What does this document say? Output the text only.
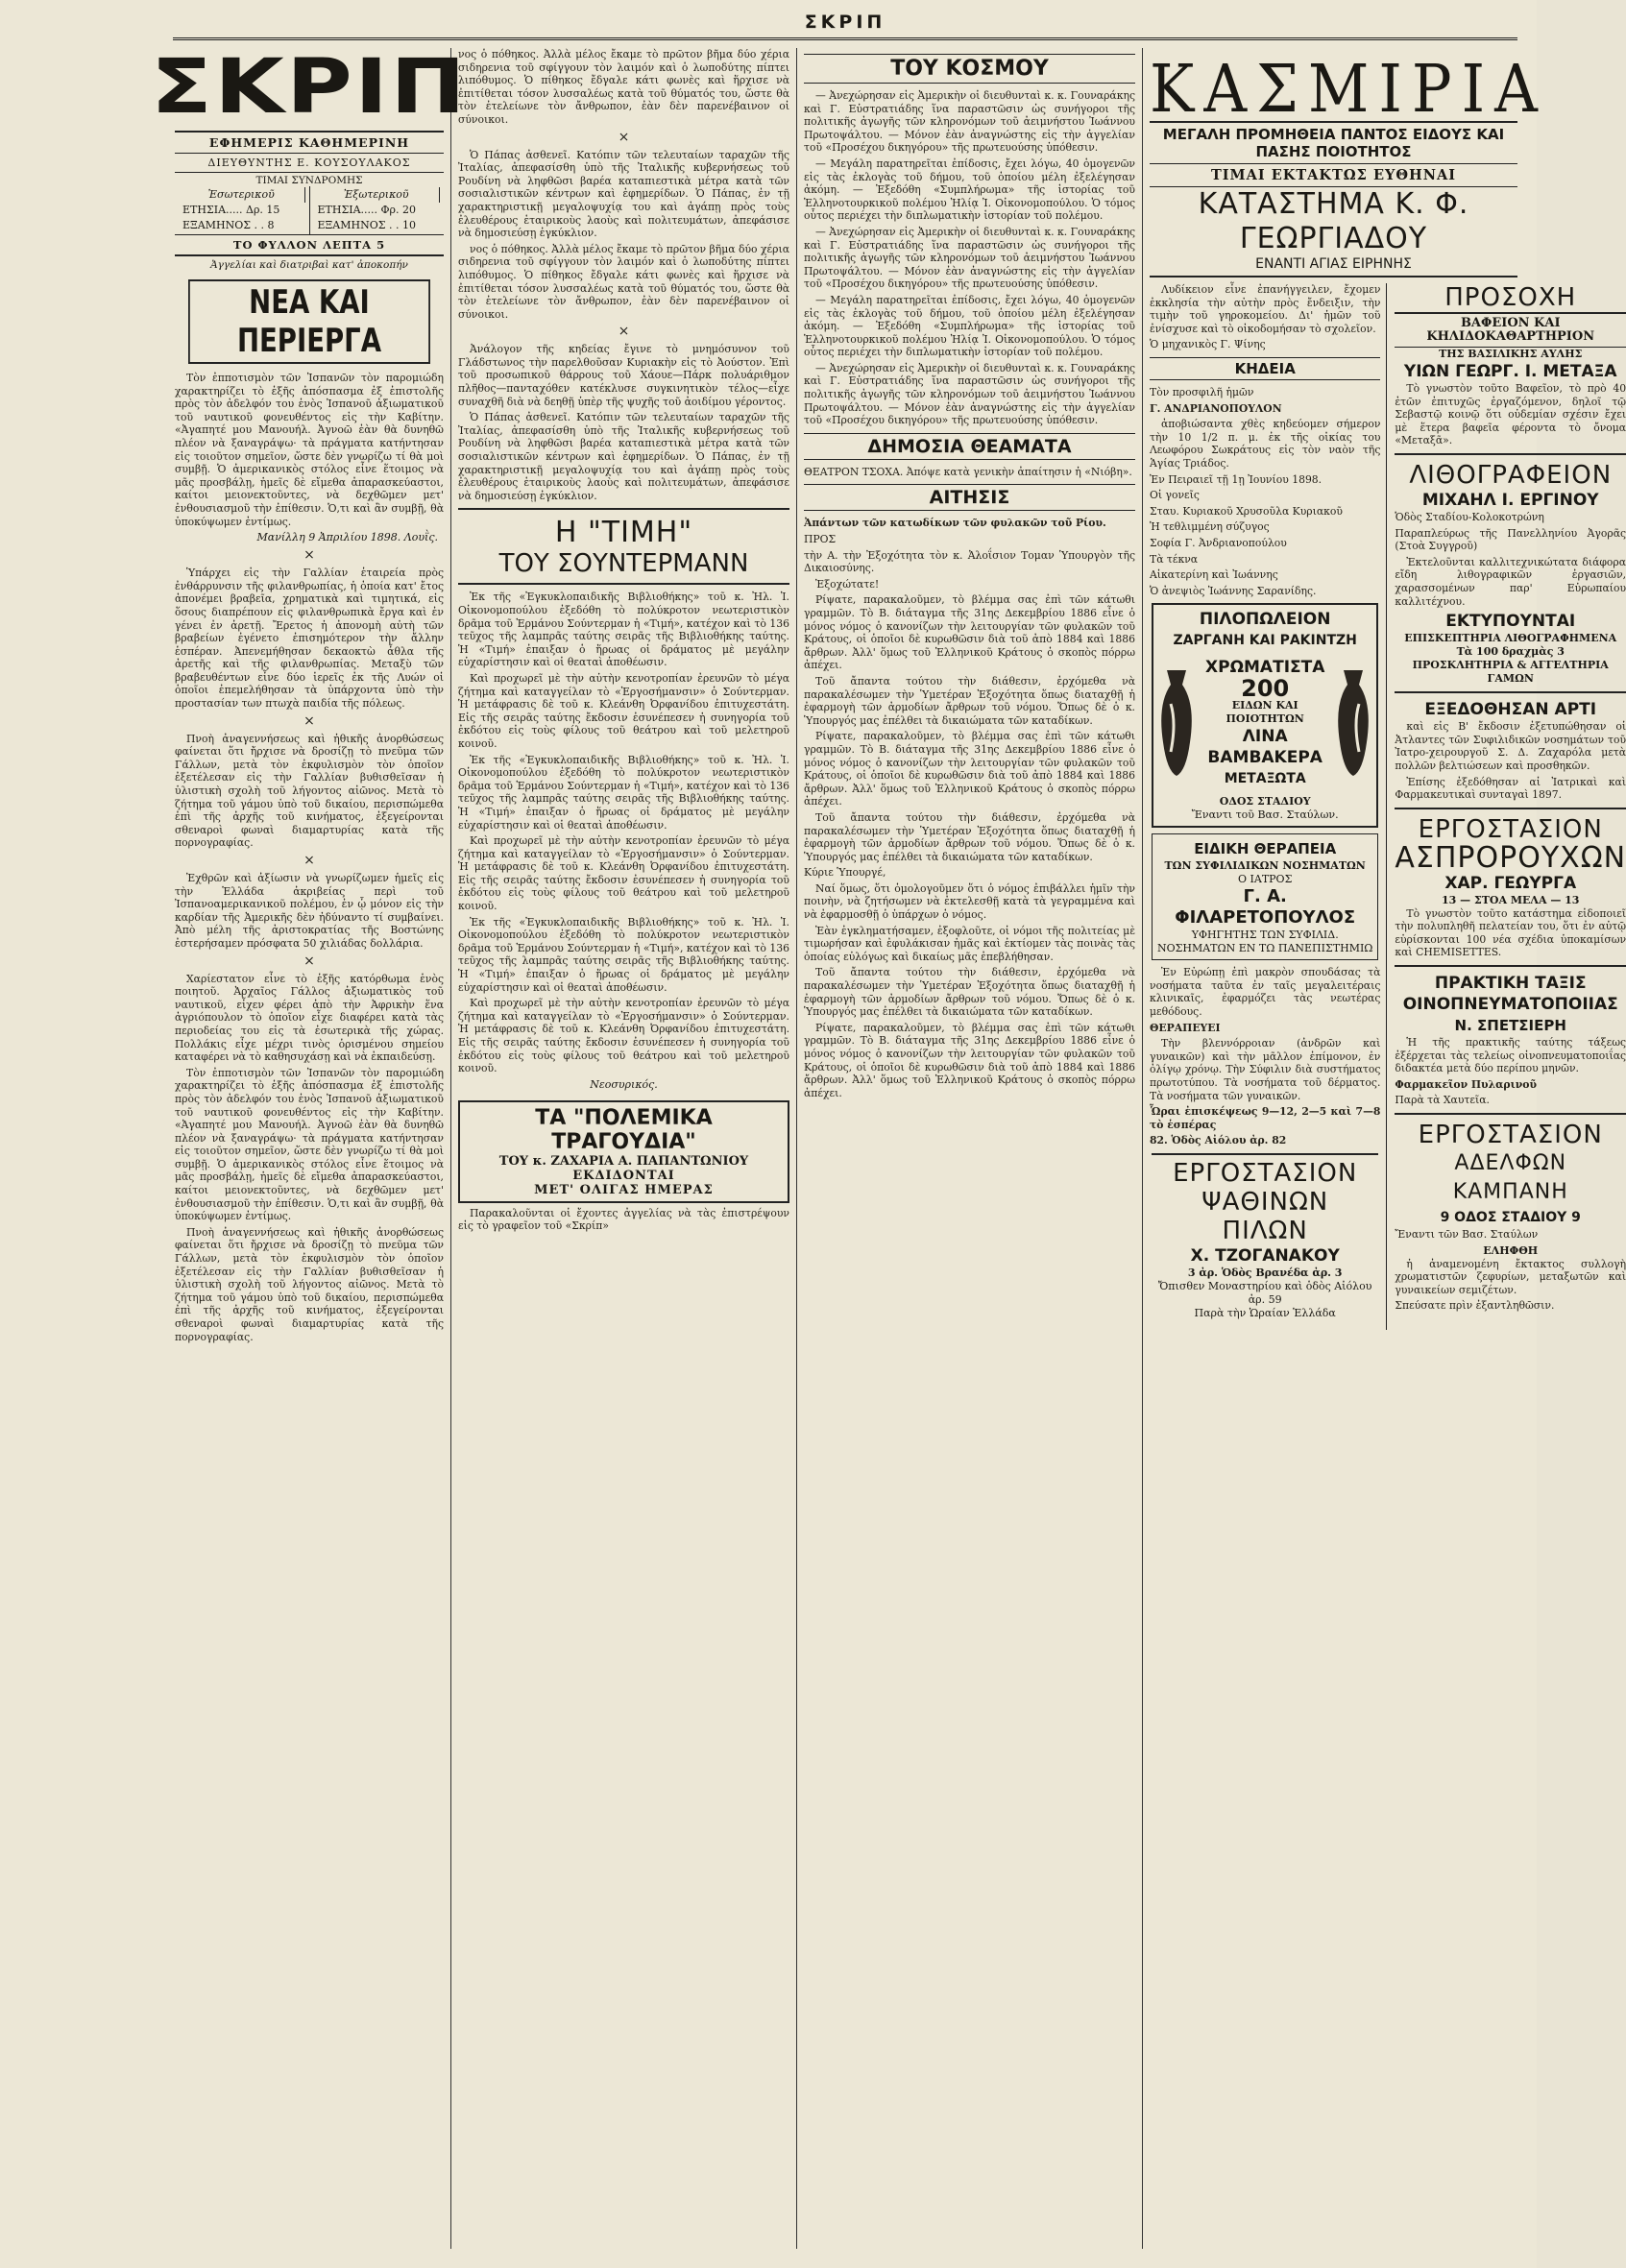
ΣΚΡΙΠ
ΣΚΡΙΠ
ΕΦΗΜΕΡΙΣ ΚΑΘΗΜΕΡΙΝΗ
ΔΙΕΥΘΥΝΤΗΣ Ε. ΚΟΥΣΟΥΛΑΚΟΣ
ΤΙΜΑΙ ΣΥΝΔΡΟΜΗΣ
Ἐσωτερικοῦ
ΕΤΗΣΙΑ..... Δρ. 15
ΕΞΑΜΗΝΟΣ . . 8
Ἐξωτερικοῦ
ΕΤΗΣΙΑ..... Φρ. 20
ΕΞΑΜΗΝΟΣ . . 10
ΤΟ ΦΥΛΛΟΝ ΛΕΠΤΑ 5
Ἀγγελίαι καὶ διατριβαὶ κατ' ἀποκοπήν
ΝΕΑ ΚΑΙ ΠΕΡΙΕΡΓΑ

Τὸν ἐπποτισμὸν τῶν Ἰσπανῶν τὸν παρομιώδη χαρακτηρίζει τὸ ἑξῆς ἀπόσπασμα ἐξ ἐπιστολῆς πρὸς τὸν ἀδελφόν του ἑνὸς Ἰσπανοῦ ἀξιωματικοῦ τοῦ ναυτικοῦ φονευθέντος εἰς τὴν Καβίτην. «Ἀγαπητέ μου Μανουήλ. Ἀγνοῶ ἐὰν θὰ δυνηθῶ πλέον νὰ ξαναγράψω· τὰ πράγματα κατήντησαν εἰς τοιοῦτον σημεῖον, ὥστε δὲν γνωρίζω τί θὰ μοὶ συμβῇ. Ὁ ἀμερικανικὸς στόλος εἶνε ἕτοιμος νὰ μᾶς προσβάλῃ, ἡμεῖς δὲ εἴμεθα ἀπαρασκεύαστοι, καίτοι μειονεκτοῦντες, νὰ δεχθῶμεν μετ' ἐνθουσιασμοῦ τὴν ἐπίθεσιν. Ὁ,τι καὶ ἂν συμβῇ, θὰ ὑποκύψωμεν ἐντίμως.

Μανίλλη 9 Ἀπριλίου 1898. Λουῒς.
×

Ὑπάρχει εἰς τὴν Γαλλίαν ἑταιρεία πρὸς ἐνθάρρυνσιν τῆς φιλανθρωπίας, ἡ ὁποία κατ' ἔτος ἀπονέμει βραβεῖα, χρηματικὰ καὶ τιμητικά, εἰς ὅσους διαπρέπουν εἰς φιλανθρωπικὰ ἔργα καὶ ἐν γένει ἐν ἀρετῇ. Ἔρετος ἡ ἀπονομὴ αὐτὴ τῶν βραβείων ἐγένετο ἐπισημότερον τὴν ἄλλην ἑσπέραν. Ἀπενεμήθησαν δεκαοκτὼ ἆθλα τῆς ἀρετῆς καὶ τῆς φιλανθρωπίας. Μεταξὺ τῶν βραβευθέντων εἶνε δύο ἱερεῖς ἐκ τῆς Λυών οἱ ὁποῖοι ἐπεμελήθησαν τὰ ὑπάρχοντα ὑπὸ τὴν προστασίαν των πτωχὰ παιδία τῆς πόλεως.

×

Πνοὴ ἀναγεννήσεως καὶ ἠθικῆς ἀνορθώσεως φαίνεται ὅτι ἤρχισε νὰ δροσίζῃ τὸ πνεῦμα τῶν Γάλλων, μετὰ τὸν ἐκφυλισμὸν τὸν ὁποῖον ἐξετέλεσαν εἰς τὴν Γαλλίαν βυθισθεῖσαν ἡ ὑλιστικὴ σχολὴ τοῦ λήγοντος αἰῶνος. Μετὰ τὸ ζήτημα τοῦ γάμου ὑπὸ τοῦ δικαίου, περισπώμεθα ἐπὶ τῆς ἀρχῆς τοῦ κινήματος, ἐξεγείρονται σθεναροὶ φωναὶ διαμαρτυρίας κατὰ τῆς πορνογραφίας.

×

Ἐχθρῶν καὶ ἀξίωσιν νὰ γνωρίζωμεν ἡμεῖς εἰς τὴν Ἑλλάδα ἀκριβείας περὶ τοῦ Ἰσπανοαμερικανικοῦ πολέμου, ἐν ᾧ μόνον εἰς τὴν καρδίαν τῆς Ἀμερικῆς δὲν ἠδύναντο τί συμβαίνει. Ἀπὸ μέλη τῆς ἀριστοκρατίας τῆς Βοστώνης ἐστερήσαμεν πρόσφατα 50 χιλιάδας δολλάρια.

×

Χαρίεστατον εἶνε τὸ ἑξῆς κατόρθωμα ἑνὸς ποιητοῦ. Ἀρχαῖος Γάλλος ἀξιωματικὸς τοῦ ναυτικοῦ, εἶχεν φέρει ἀπὸ τὴν Ἀφρικὴν ἕνα ἀγριόπουλον τὸ ὁποῖον εἶχε διαφέρει κατὰ τὰς περιοδείας του εἰς τὰ ἐσωτερικὰ τῆς χώρας. Πολλάκις εἶχε μέχρι τινὸς ὁρισμένου σημείου καταφέρει νὰ τὸ καθησυχάσῃ καὶ νὰ ἐκπαιδεύσῃ.

Τὸν ἐπποτισμὸν τῶν Ἰσπανῶν τὸν παρομιώδη χαρακτηρίζει τὸ ἑξῆς ἀπόσπασμα ἐξ ἐπιστολῆς πρὸς τὸν ἀδελφόν του ἑνὸς Ἰσπανοῦ ἀξιωματικοῦ τοῦ ναυτικοῦ φονευθέντος εἰς τὴν Καβίτην. «Ἀγαπητέ μου Μανουήλ. Ἀγνοῶ ἐὰν θὰ δυνηθῶ πλέον νὰ ξαναγράψω· τὰ πράγματα κατήντησαν εἰς τοιοῦτον σημεῖον, ὥστε δὲν γνωρίζω τί θὰ μοὶ συμβῇ. Ὁ ἀμερικανικὸς στόλος εἶνε ἕτοιμος νὰ μᾶς προσβάλῃ, ἡμεῖς δὲ εἴμεθα ἀπαρασκεύαστοι, καίτοι μειονεκτοῦντες, νὰ δεχθῶμεν μετ' ἐνθουσιασμοῦ τὴν ἐπίθεσιν. Ὁ,τι καὶ ἂν συμβῇ, θὰ ὑποκύψωμεν ἐντίμως.

Πνοὴ ἀναγεννήσεως καὶ ἠθικῆς ἀνορθώσεως φαίνεται ὅτι ἤρχισε νὰ δροσίζῃ τὸ πνεῦμα τῶν Γάλλων, μετὰ τὸν ἐκφυλισμὸν τὸν ὁποῖον ἐξετέλεσαν εἰς τὴν Γαλλίαν βυθισθεῖσαν ἡ ὑλιστικὴ σχολὴ τοῦ λήγοντος αἰῶνος. Μετὰ τὸ ζήτημα τοῦ γάμου ὑπὸ τοῦ δικαίου, περισπώμεθα ἐπὶ τῆς ἀρχῆς τοῦ κινήματος, ἐξεγείρονται σθεναροὶ φωναὶ διαμαρτυρίας κατὰ τῆς πορνογραφίας.

νος ὁ πόθηκος. Ἀλλὰ μέλος ἔκαμε τὸ πρῶτον βῆμα δύο χέρια σιδηρενια τοῦ σφίγγουν τὸν λαιμόν καὶ ὁ λωποδύτης πίπτει λιπόθυμος. Ὁ πίθηκος ἔδγαλε κάτι φωνὲς καὶ ἥρχισε νὰ ἐπιτίθεται τόσον λυσσαλέως κατὰ τοῦ θύματός του, ὥστε θὰ τὸν ἐτελείωνε τὸν ἄνθρωπον, ἐὰν δὲν παρενέβαινον οἱ σύνοικοι.

×

Ὁ Πάπας ἀσθενεῖ. Κατόπιν τῶν τελευταίων ταραχῶν τῆς Ἰταλίας, ἀπεφασίσθη ὑπὸ τῆς Ἰταλικῆς κυβερνήσεως τοῦ Ρουδίνη νὰ ληφθῶσι βαρέα καταπιεστικὰ μέτρα κατὰ τῶν σοσιαλιστικῶν κέντρων καὶ ἐφημερίδων. Ὁ Πάπας, ἐν τῇ χαρακτηριστικῇ μεγαλοψυχίᾳ του καὶ ἀγάπῃ πρὸς τοὺς ἐλευθέρους ἑταιρικοὺς λαοὺς καὶ πολιτευμάτων, ἀπεφάσισε νὰ δημοσιεύσῃ ἐγκύκλιον.

νος ὁ πόθηκος. Ἀλλὰ μέλος ἔκαμε τὸ πρῶτον βῆμα δύο χέρια σιδηρενια τοῦ σφίγγουν τὸν λαιμόν καὶ ὁ λωποδύτης πίπτει λιπόθυμος. Ὁ πίθηκος ἔδγαλε κάτι φωνὲς καὶ ἥρχισε νὰ ἐπιτίθεται τόσον λυσσαλέως κατὰ τοῦ θύματός του, ὥστε θὰ τὸν ἐτελείωνε τὸν ἄνθρωπον, ἐὰν δὲν παρενέβαινον οἱ σύνοικοι.

×

Ἀνάλογον τῆς κηδείας ἔγινε τὸ μνημόσυνον τοῦ Γλάδστωνος τὴν παρελθοῦσαν Κυριακὴν εἰς τὸ Ἀούστον. Ἐπὶ τοῦ προσωπικοῦ θάρρους τοῦ Χάουε—Πάρκ πολυάριθμον πλῆθος—πανταχόθεν κατέκλυσε συγκινητικὸν τέλος—εἶχε συναχθῆ διὰ νὰ δεηθῇ ὑπὲρ τῆς ψυχῆς τοῦ ἀοιδίμου γέροντος.

Ὁ Πάπας ἀσθενεῖ. Κατόπιν τῶν τελευταίων ταραχῶν τῆς Ἰταλίας, ἀπεφασίσθη ὑπὸ τῆς Ἰταλικῆς κυβερνήσεως τοῦ Ρουδίνη νὰ ληφθῶσι βαρέα καταπιεστικὰ μέτρα κατὰ τῶν σοσιαλιστικῶν κέντρων καὶ ἐφημερίδων. Ὁ Πάπας, ἐν τῇ χαρακτηριστικῇ μεγαλοψυχίᾳ του καὶ ἀγάπῃ πρὸς τοὺς ἐλευθέρους ἑταιρικοὺς λαοὺς καὶ πολιτευμάτων, ἀπεφάσισε νὰ δημοσιεύσῃ ἐγκύκλιον.

Η "ΤΙΜΗ"
ΤΟΥ ΣΟΥΝΤΕΡΜΑΝΝ

Ἐκ τῆς «Ἐγκυκλοπαιδικῆς Βιβλιοθήκης» τοῦ κ. Ἠλ. Ἰ. Οἰκονομοπούλου ἐξεδόθη τὸ πολύκροτον νεωτεριστικὸν δρᾶμα τοῦ Ἑρμάνου Σούντερμαν ἡ «Τιμή», κατέχον καὶ τὸ 136 τεῦχος τῆς λαμπρᾶς ταύτης σειρᾶς τῆς Βιβλιοθήκης ταύτης. Ἡ «Τιμή» ἐπαιξαν ὁ ἥρωας οἱ δράματος μὲ μεγάλην εὐχαρίστησιν καὶ οἱ θεαταὶ ἀποθέωσιν.

Καὶ προχωρεῖ μὲ τὴν αὐτὴν κενοτροπίαν ἐρευνῶν τὸ μέγα ζήτημα καὶ καταγγείλαν τὸ «Ἐργοσήμανσιν» ὁ Σούντερμαν. Ἡ μετάφρασις δὲ τοῦ κ. Κλεάνθη Ὀρφανίδου ἐπιτυχεστάτη. Εἰς τῆς σειρᾶς ταύτης ἔκδοσιν ἐσυνέπεσεν ἡ συνηγορία τοῦ ἐκδότου εἰς τοὺς φίλους τοῦ θεάτρου καὶ τοῦ μελετηροῦ κοινοῦ.

Ἐκ τῆς «Ἐγκυκλοπαιδικῆς Βιβλιοθήκης» τοῦ κ. Ἠλ. Ἰ. Οἰκονομοπούλου ἐξεδόθη τὸ πολύκροτον νεωτεριστικὸν δρᾶμα τοῦ Ἑρμάνου Σούντερμαν ἡ «Τιμή», κατέχον καὶ τὸ 136 τεῦχος τῆς λαμπρᾶς ταύτης σειρᾶς τῆς Βιβλιοθήκης ταύτης. Ἡ «Τιμή» ἐπαιξαν ὁ ἥρωας οἱ δράματος μὲ μεγάλην εὐχαρίστησιν καὶ οἱ θεαταὶ ἀποθέωσιν.

Καὶ προχωρεῖ μὲ τὴν αὐτὴν κενοτροπίαν ἐρευνῶν τὸ μέγα ζήτημα καὶ καταγγείλαν τὸ «Ἐργοσήμανσιν» ὁ Σούντερμαν. Ἡ μετάφρασις δὲ τοῦ κ. Κλεάνθη Ὀρφανίδου ἐπιτυχεστάτη. Εἰς τῆς σειρᾶς ταύτης ἔκδοσιν ἐσυνέπεσεν ἡ συνηγορία τοῦ ἐκδότου εἰς τοὺς φίλους τοῦ θεάτρου καὶ τοῦ μελετηροῦ κοινοῦ.

Ἐκ τῆς «Ἐγκυκλοπαιδικῆς Βιβλιοθήκης» τοῦ κ. Ἠλ. Ἰ. Οἰκονομοπούλου ἐξεδόθη τὸ πολύκροτον νεωτεριστικὸν δρᾶμα τοῦ Ἑρμάνου Σούντερμαν ἡ «Τιμή», κατέχον καὶ τὸ 136 τεῦχος τῆς λαμπρᾶς ταύτης σειρᾶς τῆς Βιβλιοθήκης ταύτης. Ἡ «Τιμή» ἐπαιξαν ὁ ἥρωας οἱ δράματος μὲ μεγάλην εὐχαρίστησιν καὶ οἱ θεαταὶ ἀποθέωσιν.

Καὶ προχωρεῖ μὲ τὴν αὐτὴν κενοτροπίαν ἐρευνῶν τὸ μέγα ζήτημα καὶ καταγγείλαν τὸ «Ἐργοσήμανσιν» ὁ Σούντερμαν. Ἡ μετάφρασις δὲ τοῦ κ. Κλεάνθη Ὀρφανίδου ἐπιτυχεστάτη. Εἰς τῆς σειρᾶς ταύτης ἔκδοσιν ἐσυνέπεσεν ἡ συνηγορία τοῦ ἐκδότου εἰς τοὺς φίλους τοῦ θεάτρου καὶ τοῦ μελετηροῦ κοινοῦ.

Νεοσυρικός.
ΤΑ "ΠΟΛΕΜΙΚΑ ΤΡΑΓΟΥΔΙΑ"
ΤΟΥ κ. ΖΑΧΑΡΙΑ Α. ΠΑΠΑΝΤΩΝΙΟΥ
ΕΚΔΙΔΟΝΤΑΙ
ΜΕΤ' ΟΛΙΓΑΣ ΗΜΕΡΑΣ

Παρακαλοῦνται οἱ ἔχοντες ἀγγελίας νὰ τὰς ἐπιστρέψουν εἰς τὸ γραφεῖον τοῦ «Σκρίπ»

ΤΟΥ ΚΟΣΜΟΥ

— Ἀνεχώρησαν εἰς Ἀμερικὴν οἱ διευθυνταὶ κ. κ. Γουναράκης καὶ Γ. Εὐστρατιάδης ἵνα παραστῶσιν ὡς συνήγοροι τῆς πολιτικῆς ἀγωγῆς τῶν κληρονόμων τοῦ ἀειμνήστου Ἰωάννου Πρωτοψάλτου. — Μόνον ἐὰν ἀναγνώστης εἰς τὴν ἀγγελίαν τοῦ «Προσέχου δικηγόρου» τῆς πρωτευούσης ὑπόθεσιν.

— Μεγάλη παρατηρεῖται ἐπίδοσις, ἔχει λόγω, 40 ὁμογενῶν εἰς τὰς ἐκλογὰς τοῦ δήμου, τοῦ ὁποίου μέλη ἐξελέγησαν ἀκόμη. — Ἐξεδόθη «Συμπλήρωμα» τῆς ἱστορίας τοῦ Ἑλληνοτουρκικοῦ πολέμου Ἠλίᾳ Ἰ. Οἰκονομοπούλου. Ὁ τόμος οὗτος περιέχει τὴν διπλωματικὴν ἱστορίαν τοῦ πολέμου.

— Ἀνεχώρησαν εἰς Ἀμερικὴν οἱ διευθυνταὶ κ. κ. Γουναράκης καὶ Γ. Εὐστρατιάδης ἵνα παραστῶσιν ὡς συνήγοροι τῆς πολιτικῆς ἀγωγῆς τῶν κληρονόμων τοῦ ἀειμνήστου Ἰωάννου Πρωτοψάλτου. — Μόνον ἐὰν ἀναγνώστης εἰς τὴν ἀγγελίαν τοῦ «Προσέχου δικηγόρου» τῆς πρωτευούσης ὑπόθεσιν.

— Μεγάλη παρατηρεῖται ἐπίδοσις, ἔχει λόγω, 40 ὁμογενῶν εἰς τὰς ἐκλογὰς τοῦ δήμου, τοῦ ὁποίου μέλη ἐξελέγησαν ἀκόμη. — Ἐξεδόθη «Συμπλήρωμα» τῆς ἱστορίας τοῦ Ἑλληνοτουρκικοῦ πολέμου Ἠλίᾳ Ἰ. Οἰκονομοπούλου. Ὁ τόμος οὗτος περιέχει τὴν διπλωματικὴν ἱστορίαν τοῦ πολέμου.

— Ἀνεχώρησαν εἰς Ἀμερικὴν οἱ διευθυνταὶ κ. κ. Γουναράκης καὶ Γ. Εὐστρατιάδης ἵνα παραστῶσιν ὡς συνήγοροι τῆς πολιτικῆς ἀγωγῆς τῶν κληρονόμων τοῦ ἀειμνήστου Ἰωάννου Πρωτοψάλτου. — Μόνον ἐὰν ἀναγνώστης εἰς τὴν ἀγγελίαν τοῦ «Προσέχου δικηγόρου» τῆς πρωτευούσης ὑπόθεσιν.

ΔΗΜΟΣΙΑ ΘΕΑΜΑΤΑ

ΘΕΑΤΡΟΝ ΤΣΟΧΑ. Ἀπόψε κατὰ γενικὴν ἀπαίτησιν ἡ «Νιόβη».

ΑΙΤΗΣΙΣ

Ἀπάντων τῶν κατωδίκων τῶν φυλακῶν τοῦ Ρίου.

ΠΡΟΣ

τὴν Α. τὴν Ἐξοχότητα τὸν κ. Ἀλοΐσιον Τομαν Ὑπουργὸν τῆς Δικαιοσύνης.

Ἐξοχώτατε!

Ρίψατε, παρακαλοῦμεν, τὸ βλέμμα σας ἐπὶ τῶν κάτωθι γραμμῶν. Τὸ Β. διάταγμα τῆς 31ης Δεκεμβρίου 1886 εἶνε ὁ μόνος νόμος ὁ κανονίζων τὴν λειτουργίαν τῶν φυλακῶν τοῦ Κράτους, οἱ ὁποῖοι δὲ κυρωθῶσιν διὰ τοῦ ἀπὸ 1884 καὶ 1886 ἄρθρων. Ἀλλ' ὅμως τοῦ Ἑλληνικοῦ Κράτους ὁ σκοπὸς πόρρω ἀπέχει.

Τοῦ ἄπαντα τούτου τὴν διάθεσιν, ἐρχόμεθα νὰ παρακαλέσωμεν τὴν Ὑμετέραν Ἐξοχότητα ὅπως διαταχθῇ ἡ ἐφαρμογὴ τῶν ἀρμοδίων ἄρθρων τοῦ νόμου. Ὅπως δὲ ὁ κ. Ὑπουργός μας ἐπέλθει τὰ δικαιώματα τῶν καταδίκων.

Ρίψατε, παρακαλοῦμεν, τὸ βλέμμα σας ἐπὶ τῶν κάτωθι γραμμῶν. Τὸ Β. διάταγμα τῆς 31ης Δεκεμβρίου 1886 εἶνε ὁ μόνος νόμος ὁ κανονίζων τὴν λειτουργίαν τῶν φυλακῶν τοῦ Κράτους, οἱ ὁποῖοι δὲ κυρωθῶσιν διὰ τοῦ ἀπὸ 1884 καὶ 1886 ἄρθρων. Ἀλλ' ὅμως τοῦ Ἑλληνικοῦ Κράτους ὁ σκοπὸς πόρρω ἀπέχει.

Τοῦ ἄπαντα τούτου τὴν διάθεσιν, ἐρχόμεθα νὰ παρακαλέσωμεν τὴν Ὑμετέραν Ἐξοχότητα ὅπως διαταχθῇ ἡ ἐφαρμογὴ τῶν ἀρμοδίων ἄρθρων τοῦ νόμου. Ὅπως δὲ ὁ κ. Ὑπουργός μας ἐπέλθει τὰ δικαιώματα τῶν καταδίκων.

Κύριε Ὑπουργέ,

Ναί ὅμως, ὅτι ὁμολογοῦμεν ὅτι ὁ νόμος ἐπιβάλλει ἡμῖν τὴν ποινὴν, νὰ ζητήσωμεν νὰ ἐκτελεσθῇ κατὰ τὰ γεγραμμένα καὶ νὰ ἐφαρμοσθῇ ὁ ὑπάρχων ὁ νόμος.

Ἐὰν ἐγκληματήσαμεν, ἐξοφλοῦτε, οἱ νόμοι τῆς πολιτείας μὲ τιμωρήσαν καὶ ἐφυλάκισαν ἡμᾶς καὶ ἐκτίομεν τὰς ποινὰς τὰς ὁποίας εὐλόγως καὶ δικαίως μᾶς ἐπεβλήθησαν.

Τοῦ ἄπαντα τούτου τὴν διάθεσιν, ἐρχόμεθα νὰ παρακαλέσωμεν τὴν Ὑμετέραν Ἐξοχότητα ὅπως διαταχθῇ ἡ ἐφαρμογὴ τῶν ἀρμοδίων ἄρθρων τοῦ νόμου. Ὅπως δὲ ὁ κ. Ὑπουργός μας ἐπέλθει τὰ δικαιώματα τῶν καταδίκων.

Ρίψατε, παρακαλοῦμεν, τὸ βλέμμα σας ἐπὶ τῶν κάτωθι γραμμῶν. Τὸ Β. διάταγμα τῆς 31ης Δεκεμβρίου 1886 εἶνε ὁ μόνος νόμος ὁ κανονίζων τὴν λειτουργίαν τῶν φυλακῶν τοῦ Κράτους, οἱ ὁποῖοι δὲ κυρωθῶσιν διὰ τοῦ ἀπὸ 1884 καὶ 1886 ἄρθρων. Ἀλλ' ὅμως τοῦ Ἑλληνικοῦ Κράτους ὁ σκοπὸς πόρρω ἀπέχει.

ΚΑΣΜΙΡΙΑ
ΜΕΓΑΛΗ ΠΡΟΜΗΘΕΙΑ ΠΑΝΤΟΣ ΕΙΔΟΥΣ ΚΑΙ ΠΑΣΗΣ ΠΟΙΟΤΗΤΟΣ
ΤΙΜΑΙ ΕΚΤΑΚΤΩΣ ΕΥΘΗΝΑΙ
ΚΑΤΑΣΤΗΜΑ Κ. Φ. ΓΕΩΡΓΙΑΔΟΥ
ΕΝΑΝΤΙ ΑΓΙΑΣ ΕΙΡΗΝΗΣ

Λυδίκειον εἶνε ἐπανήγγειλεν, ἔχομεν ἐκκλησία τὴν αὐτὴν πρὸς ἔνδειξιν, τὴν τιμὴν τοῦ γηροκομείου. Δι' ἡμῶν τοῦ ἐνίσχυσε καὶ τὸ οἰκοδομήσαν τὸ σχολεῖον.

Ὁ μηχανικὸς Γ. Ψίνης

ΚΗΔΕΙΑ

Τὸν προσφιλῆ ἡμῶν

Γ. ΑΝΔΡΙΑΝΟΠΟΥΛΟΝ

ἀποβιώσαντα χθὲς κηδεύομεν σήμερον τὴν 10 1/2 π. μ. ἐκ τῆς οἰκίας του Λεωφόρου Σωκράτους εἰς τὸν ναὸν τῆς Ἁγίας Τριάδος.

Ἐν Πειραιεῖ τῇ 1ῃ Ἰουνίου 1898.

Οἱ γονεῖς

Σταυ. Κυριακοῦ Χρυσοῦλα Κυριακοῦ

Ἡ τεθλιμμένη σύζυγος

Σοφία Γ. Ἀνδριανοπούλου

Τὰ τέκνα

Αἰκατερίνη καὶ Ἰωάννης

Ὁ ἀνεψιὸς Ἰωάννης Σαρανίδης.

ΠΙΛΟΠΩΛΕΙΟΝ
ΖΑΡΓΑΝΗ ΚΑΙ ΡΑΚΙΝΤΖΗ
ΧΡΩΜΑΤΙΣΤΑ
200
ΕΙΔΩΝ ΚΑΙ ΠΟΙΟΤΗΤΩΝ
ΛΙΝΑ
ΒΑΜΒΑΚΕΡΑ
ΜΕΤΑΞΩΤΑ
ΟΔΟΣ ΣΤΑΔΙΟΥ
Ἔναντι τοῦ Βασ. Σταύλων.
ΕΙΔΙΚΗ ΘΕΡΑΠΕΙΑ
ΤΩΝ ΣΥΦΙΛΙΔΙΚΩΝ ΝΟΣΗΜΑΤΩΝ
Ο ΙΑΤΡΟΣ
Γ. Α. ΦΙΛΑΡΕΤΟΠΟΥΛΟΣ
ΥΦΗΓΗΤΗΣ ΤΩΝ ΣΥΦΙΛΙΔ. ΝΟΣΗΜΑΤΩΝ ΕΝ ΤΩ ΠΑΝΕΠΙΣΤΗΜΙΩ

Ἐν Εὐρώπῃ ἐπὶ μακρὸν σπουδάσας τὰ νοσήματα ταῦτα ἐν ταῖς μεγαλειτέραις κλινικαῖς, ἐφαρμόζει τὰς νεωτέρας μεθόδους.

ΘΕΡΑΠΕΥΕΙ

Τὴν βλεννόρροιαν (ἀνδρῶν καὶ γυναικῶν) καὶ τὴν μᾶλλον ἐπίμονον, ἐν ὀλίγῳ χρόνῳ. Τὴν Σύφιλιν διὰ συστήματος πρωτοτύπου. Τὰ νοσήματα τοῦ δέρματος. Τὰ νοσήματα τῶν γυναικῶν.

Ὧραι ἐπισκέψεως 9—12, 2—5 καὶ 7—8 τὸ ἑσπέρας

82. Ὁδὸς Αἰόλου ἀρ. 82

ΕΡΓΟΣΤΑΣΙΟΝ
ΨΑΘΙΝΩΝ ΠΙΛΩΝ
Χ. ΤΖΟΓΑΝΑΚΟΥ
3 ἀρ. Ὁδὸς Βρανέδα ἀρ. 3
Ὄπισθεν Μοναστηρίου καὶ ὁδὸς Αἰόλου ἀρ. 59
Παρὰ τὴν Ὡραίαν Ἑλλάδα
ΠΡΟΣΟΧΗ
ΒΑΦΕΙΟΝ ΚΑΙ ΚΗΛΙΔΟΚΑΘΑΡΤΗΡΙΟΝ
ΤΗΣ ΒΑΣΙΛΙΚΗΣ ΑΥΛΗΣ
ΥΙΩΝ ΓΕΩΡΓ. Ι. ΜΕΤΑΞΑ

Τὸ γνωστὸν τοῦτο Βαφεῖον, τὸ πρὸ 40 ἐτῶν ἐπιτυχῶς ἐργαζόμενον, δηλοῖ τῷ Σεβαστῷ κοινῷ ὅτι οὐδεμίαν σχέσιν ἔχει μὲ ἕτερα βαφεῖα φέροντα τὸ ὄνομα «Μεταξᾶ».

ΛΙΘΟΓΡΑΦΕΙΟΝ
ΜΙΧΑΗΛ Ι. ΕΡΓΙΝΟΥ

Ὁδὸς Σταδίου-Κολοκοτρώνη

Παραπλεύρως τῆς Πανελληνίου Ἀγορᾶς (Στοὰ Συγγροῦ)

Ἐκτελοῦνται καλλιτεχνικώτατα διάφορα εἴδη λιθογραφικῶν ἐργασιῶν, χαρασσομένων παρ' Εὐρωπαίου καλλιτέχνου.

ΕΚΤΥΠΟΥΝΤΑΙ
ΕΠΙΣΚΕΠΤΗΡΙΑ ΛΙΘΟΓΡΑΦΗΜΕΝΑ
Τὰ 100 δραχμὰς 3
ΠΡΟΣΚΛΗΤΗΡΙΑ & ΑΓΓΕΛΤΗΡΙΑ
ΓΑΜΩΝ
ΕΞΕΔΟΘΗΣΑΝ ΑΡΤΙ

καὶ εἰς Β' ἔκδοσιν ἐξετυπώθησαν οἱ Ἀτλαντες τῶν Συφιλιδικῶν νοσημάτων τοῦ Ἰατρο-χειρουργοῦ Σ. Δ. Ζαχαρόλα μετὰ πολλῶν βελτιώσεων καὶ προσθηκῶν.

Ἐπίσης ἐξεδόθησαν αἱ Ἰατρικαὶ καὶ Φαρμακευτικαὶ συνταγαὶ 1897.

ΕΡΓΟΣΤΑΣΙΟΝ
ΑΣΠΡΟΡΟΥΧΩΝ
ΧΑΡ. ΓΕΩΥΡΓΑ
13 — ΣΤΟΑ ΜΕΛΑ — 13

Τὸ γνωστὸν τοῦτο κατάστημα εἰδοποιεῖ τὴν πολυπληθῆ πελατείαν του, ὅτι ἐν αὐτῷ εὑρίσκονται 100 νέα σχέδια ὑποκαμίσων καὶ CHEMISETTES.

ΠΡΑΚΤΙΚΗ ΤΑΞΙΣ
ΟΙΝΟΠΝΕΥΜΑΤΟΠΟΙΙΑΣ
Ν. ΣΠΕΤΣΙΕΡΗ

Ἡ τῆς πρακτικῆς ταύτης τάξεως ἐξέρχεται τὰς τελείως οἰνοπνευματοποιΐας διδακτέα μετὰ δύο περίπου μηνῶν.

Φαρμακεῖον Πυλαρινοῦ

Παρὰ τὰ Χαυτεῖα.

ΕΡΓΟΣΤΑΣΙΟΝ
ΑΔΕΛΦΩΝ ΚΑΜΠΑΝΗ
9 ΟΔΟΣ ΣΤΑΔΙΟΥ 9

Ἔναντι τῶν Βασ. Σταύλων

ΕΛΗΦΘΗ

ἡ ἀναμενομένη ἔκτακτος συλλογὴ χρωματιστῶν ζεφυρίων, μεταξωτῶν καὶ γυναικείων σεμιζέτων.

Σπεύσατε πρὶν ἐξαντληθῶσιν.
